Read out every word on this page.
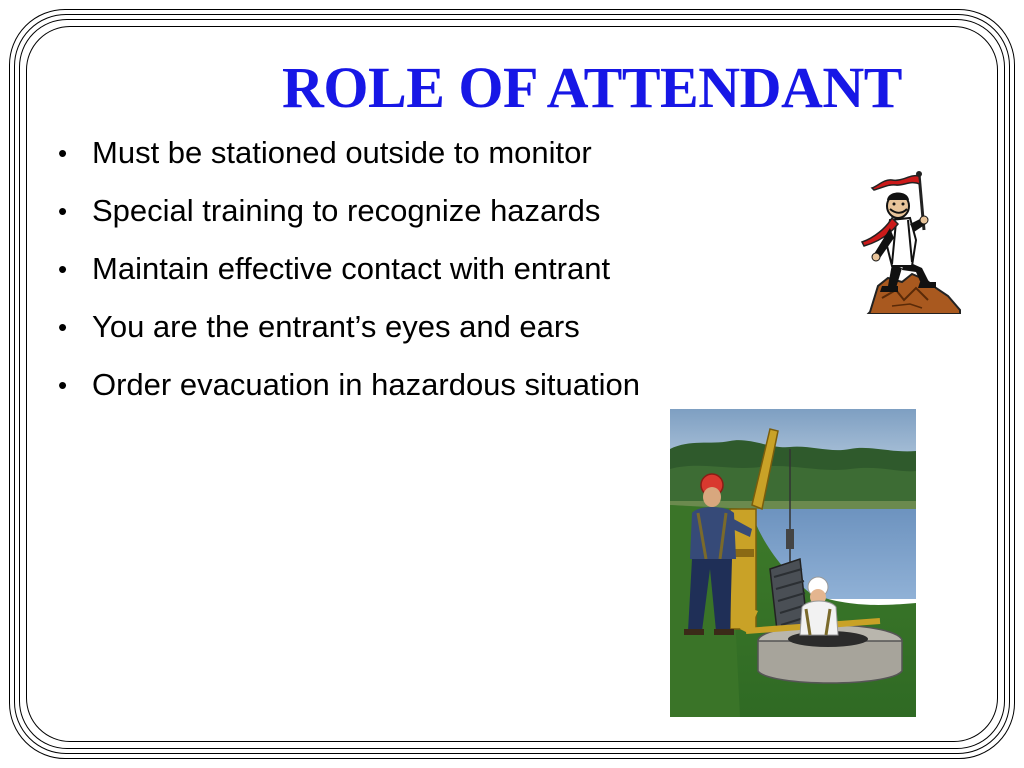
ROLE OF ATTENDANT
• Must be stationed outside to monitor
• Special training to recognize hazards
• Maintain effective contact with entrant
• You are the entrant’s eyes and ears
• Order evacuation in hazardous situation
